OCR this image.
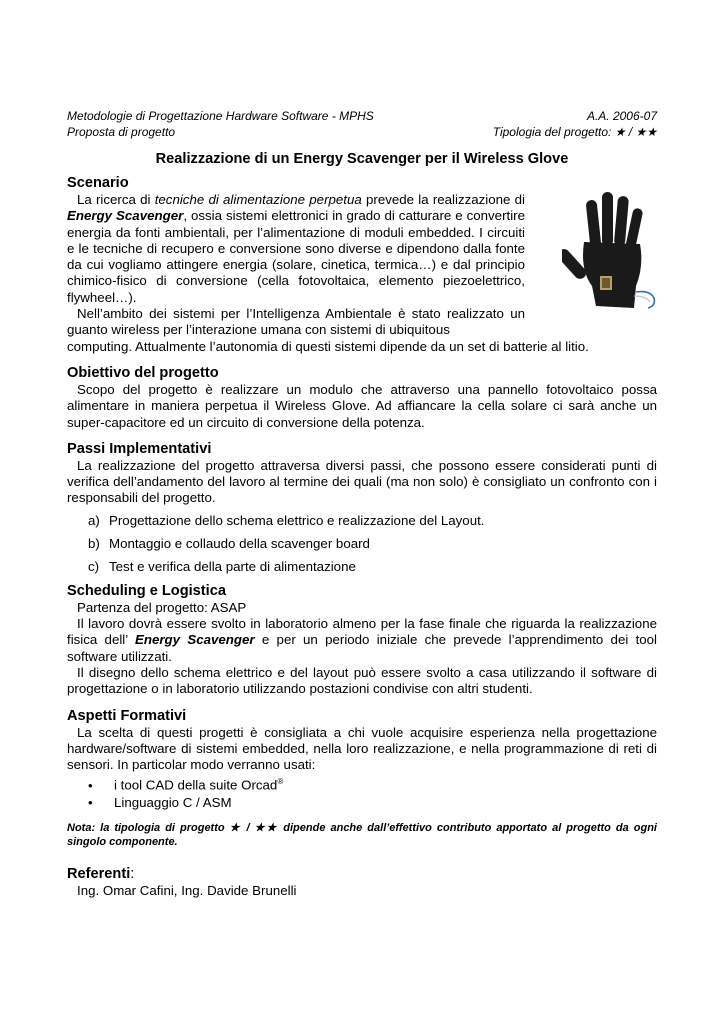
Metodologie di Progettazione Hardware Software - MPHS	A.A. 2006-07
Proposta di progetto	Tipologia del progetto: ★ / ★★
Realizzazione di un Energy Scavenger per il Wireless Glove
Scenario

La ricerca di tecniche di alimentazione perpetua prevede la realizzazione di Energy Scavenger, ossia sistemi elettronici in grado di catturare e convertire energia da fonti ambientali, per l’alimentazione di moduli embedded. I circuiti e le tecniche di recupero e conversione sono diverse e dipendono dalla fonte da cui vogliamo attingere energia (solare, cinetica, termica…) e dal principio chimico-fisico di conversione (cella fotovoltaica, elemento piezoelettrico, flywheel…).

Nell’ambito dei sistemi per l’Intelligenza Ambientale è stato realizzato un guanto wireless per l’interazione umana con sistemi di ubiquitous

computing. Attualmente l’autonomia di questi sistemi dipende da un set di batterie al litio.

Obiettivo del progetto

Scopo del progetto è realizzare un modulo che attraverso una pannello fotovoltaico possa alimentare in maniera perpetua il Wireless Glove. Ad affiancare la cella solare ci sarà anche un super-capacitore ed un circuito di conversione della potenza.

Passi Implementativi

La realizzazione del progetto attraversa diversi passi, che possono essere considerati punti di verifica dell’andamento del lavoro al termine dei quali (ma non solo) è consigliato un confronto con i responsabili del progetto.

a) Progettazione dello schema elettrico e realizzazione del Layout.
b) Montaggio e collaudo della scavenger board
c) Test e verifica della parte di alimentazione
Scheduling e Logistica

Partenza del progetto: ASAP

Il lavoro dovrà essere svolto in laboratorio almeno per la fase finale che riguarda la realizzazione fisica dell’ Energy Scavenger e per un periodo iniziale che prevede l’apprendimento dei tool software utilizzati.

Il disegno dello schema elettrico e del layout può essere svolto a casa utilizzando il software di progettazione o in laboratorio utilizzando postazioni condivise con altri studenti.

Aspetti Formativi

La scelta di questi progetti è consigliata a chi vuole acquisire esperienza nella progettazione hardware/software di sistemi embedded, nella loro realizzazione, e nella programmazione di reti di sensori. In particolar modo verranno usati:

• i tool CAD della suite Orcad®
• Linguaggio C / ASM
Nota: la tipologia di progetto ★ / ★★ dipende anche dall’effettivo contributo apportato al progetto da ogni singolo componente.
Referenti:

Ing. Omar Cafini, Ing. Davide Brunelli
